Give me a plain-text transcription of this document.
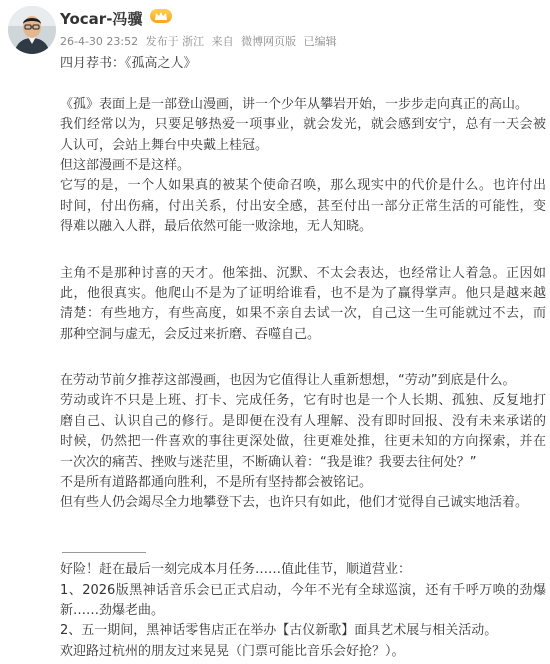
Yocar-冯骥
26-4-30 23:52 发布于 浙江 来自 微博网页版 已编辑
四月荐书：《孤高之人》
《孤》表面上是一部登山漫画，讲一个少年从攀岩开始，一步步走向真正的高山。
我们经常以为，只要足够热爱一项事业，就会发光，就会感到安宁，总有一天会被
人认可，会站上舞台中央戴上桂冠。
但这部漫画不是这样。
它写的是，一个人如果真的被某个使命召唤，那么现实中的代价是什么。也许付出
时间，付出伤痛，付出关系，付出安全感，甚至付出一部分正常生活的可能性，变
得难以融入人群，最后依然可能一败涂地，无人知晓。
主角不是那种讨喜的天才。他笨拙、沉默、不太会表达，也经常让人着急。正因如
此，他很真实。他爬山不是为了证明给谁看，也不是为了赢得掌声。他只是越来越
清楚：有些地方，有些高度，如果不亲自去试一次，自己这一生可能就过不去，而
那种空洞与虚无，会反过来折磨、吞噬自己。
在劳动节前夕推荐这部漫画，也因为它值得让人重新想想，“劳动”到底是什么。
劳动或许不只是上班、打卡、完成任务，它有时也是一个人长期、孤独、反复地打
磨自己、认识自己的修行。是即便在没有人理解、没有即时回报、没有未来承诺的
时候，仍然把一件喜欢的事往更深处做，往更难处推，往更未知的方向探索，并在
一次次的痛苦、挫败与迷茫里，不断确认着：“我是谁？我要去往何处？”
不是所有道路都通向胜利，不是所有坚持都会被铭记。
但有些人仍会竭尽全力地攀登下去，也许只有如此，他们才觉得自己诚实地活着。
好险！赶在最后一刻完成本月任务……值此佳节，顺道营业：
1、2026版黑神话音乐会已正式启动，今年不光有全球巡演，还有千呼万唤的劲爆
新……劲爆老曲。
2、五一期间，黑神话零售店正在举办【古仪新歌】面具艺术展与相关活动。
欢迎路过杭州的朋友过来晃晃（门票可能比音乐会好抢？）。
